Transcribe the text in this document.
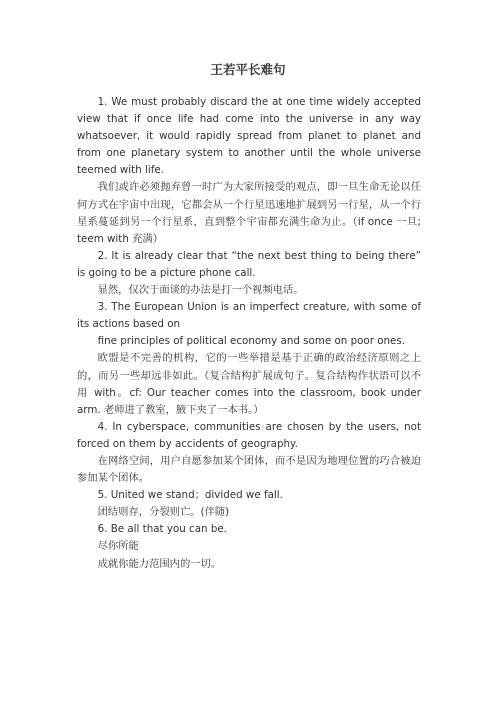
王若平长难句

1. We must probably discard the at one time widely accepted view that if once life had come into the universe in any way whatsoever, it would rapidly spread from planet to planet and from one planetary system to another until the whole universe teemed with life.

我们或许必须抛弃曾一时广为大家所接受的观点，即一旦生命无论以任何方式在宇宙中出现，它都会从一个行星迅速地扩展到另一行星，从一个行星系蔓延到另一个行星系，直到整个宇宙都充满生命为止。（if once 一旦; teem with 充满）

2. It is already clear that “the next best thing to being there” is going to be a picture phone call.

显然，仅次于面谈的办法是打一个视频电话。

3. The European Union is an imperfect creature, with some of its actions based on

fine principles of political economy and some on poor ones.

欧盟是不完善的机构，它的一些举措是基于正确的政治经济原则之上的，而另一些却远非如此。（复合结构扩展成句子。复合结构作状语可以不用 with。cf: Our teacher comes into the classroom, book under arm. 老师进了教室，腋下夹了一本书。）

4. In cyberspace, communities are chosen by the users, not forced on them by accidents of geography.

在网络空间，用户自愿参加某个团体，而不是因为地理位置的巧合被迫参加某个团体。

5. United we stand；divided we fall.

团结则存，分裂则亡。(伴随)

6. Be all that you can be.

尽你所能

成就你能力范围内的一切。
